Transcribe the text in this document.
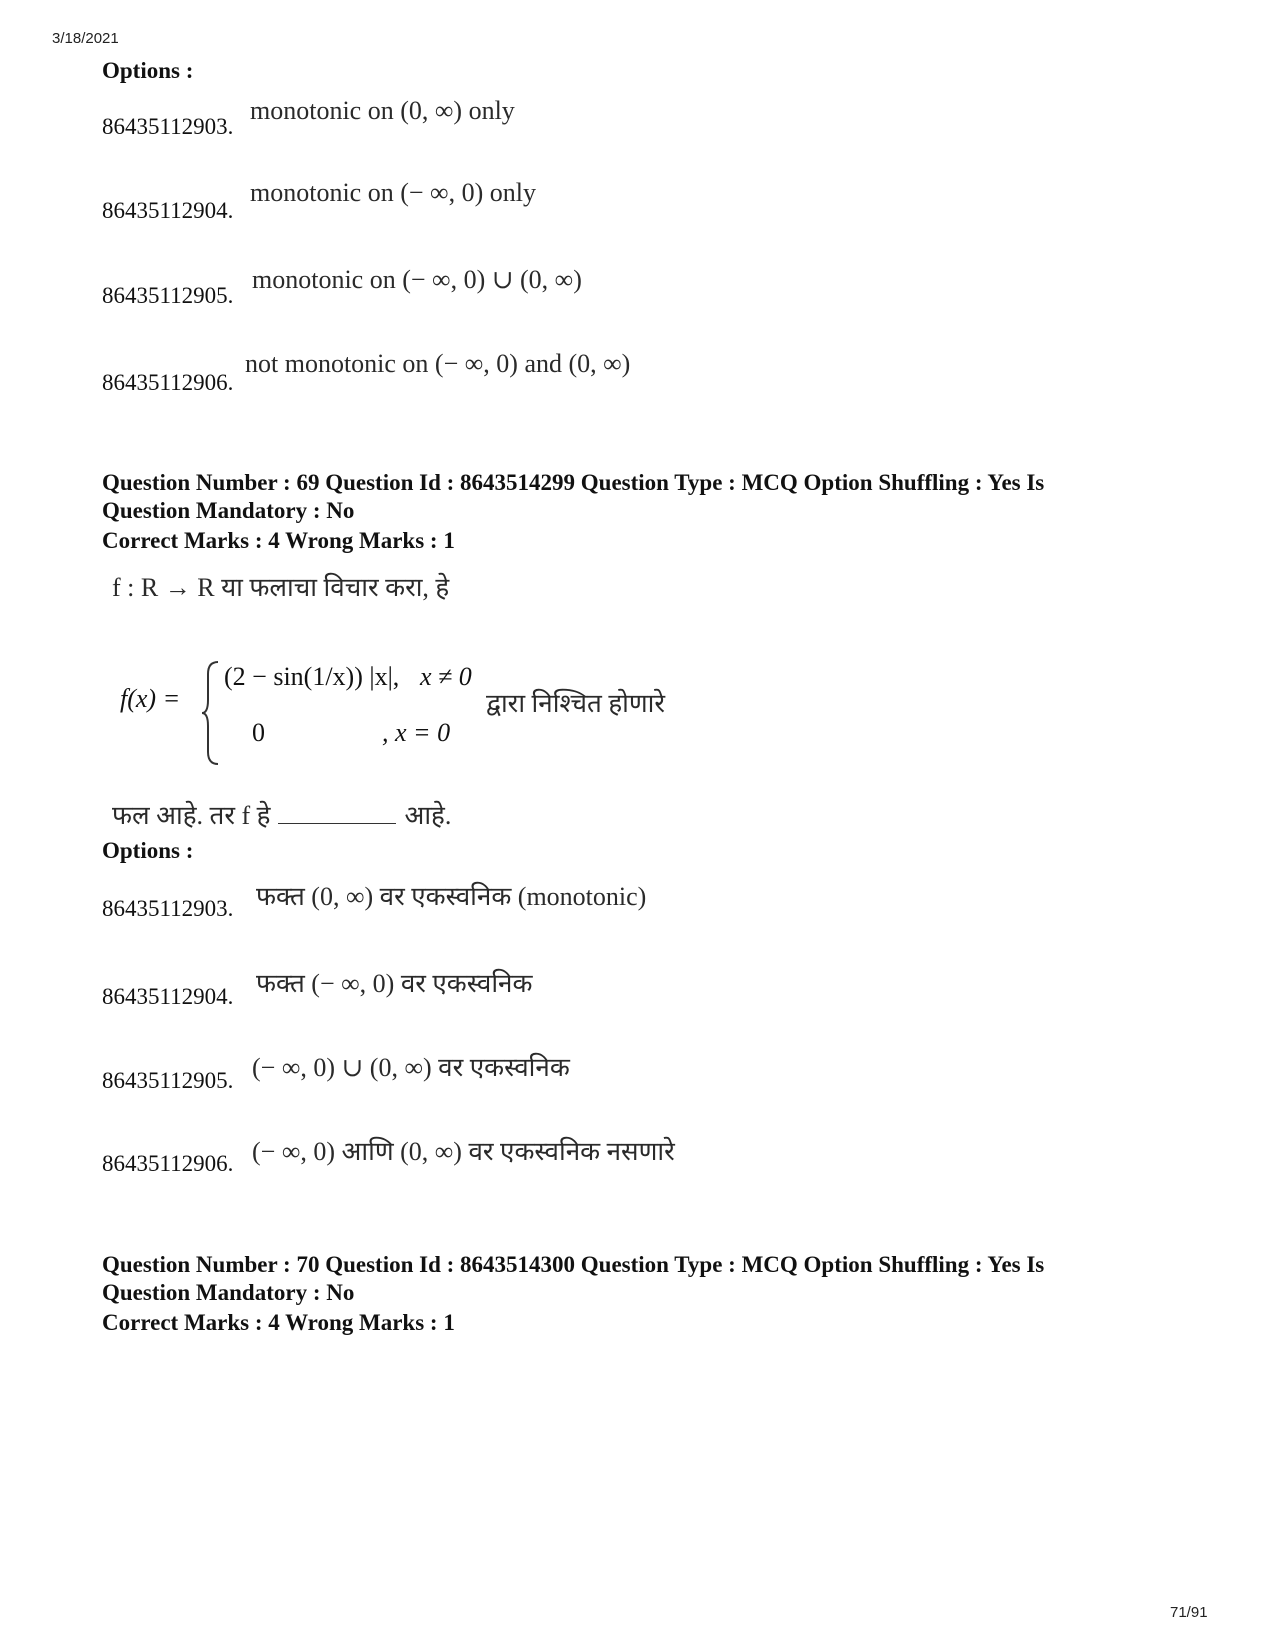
3/18/2021
Options :
86435112903.
monotonic on (0, ∞) only
86435112904.
monotonic on (− ∞, 0) only
86435112905.
monotonic on (− ∞, 0) ∪ (0, ∞)
86435112906.
not monotonic on (− ∞, 0) and (0, ∞)
Question Number : 69 Question Id : 8643514299 Question Type : MCQ Option Shuffling : Yes Is
Question Mandatory : No
Correct Marks : 4 Wrong Marks : 1
f : R → R या फलाचा विचार करा, हे
f(x) =
(2 − sin(1/x)) |x|, x ≠ 0
0	, x = 0
द्वारा निश्चित होणारे
फल आहे. तर f हे	आहे.
Options :
86435112903. फक्त (0, ∞) वर एकस्वनिक (monotonic)
86435112904. फक्त (− ∞, 0) वर एकस्वनिक
86435112905. (− ∞, 0) ∪ (0, ∞) वर एकस्वनिक
86435112906. (− ∞, 0) आणि (0, ∞) वर एकस्वनिक नसणारे
Question Number : 70 Question Id : 8643514300 Question Type : MCQ Option Shuffling : Yes Is
Question Mandatory : No
Correct Marks : 4 Wrong Marks : 1
71/91
